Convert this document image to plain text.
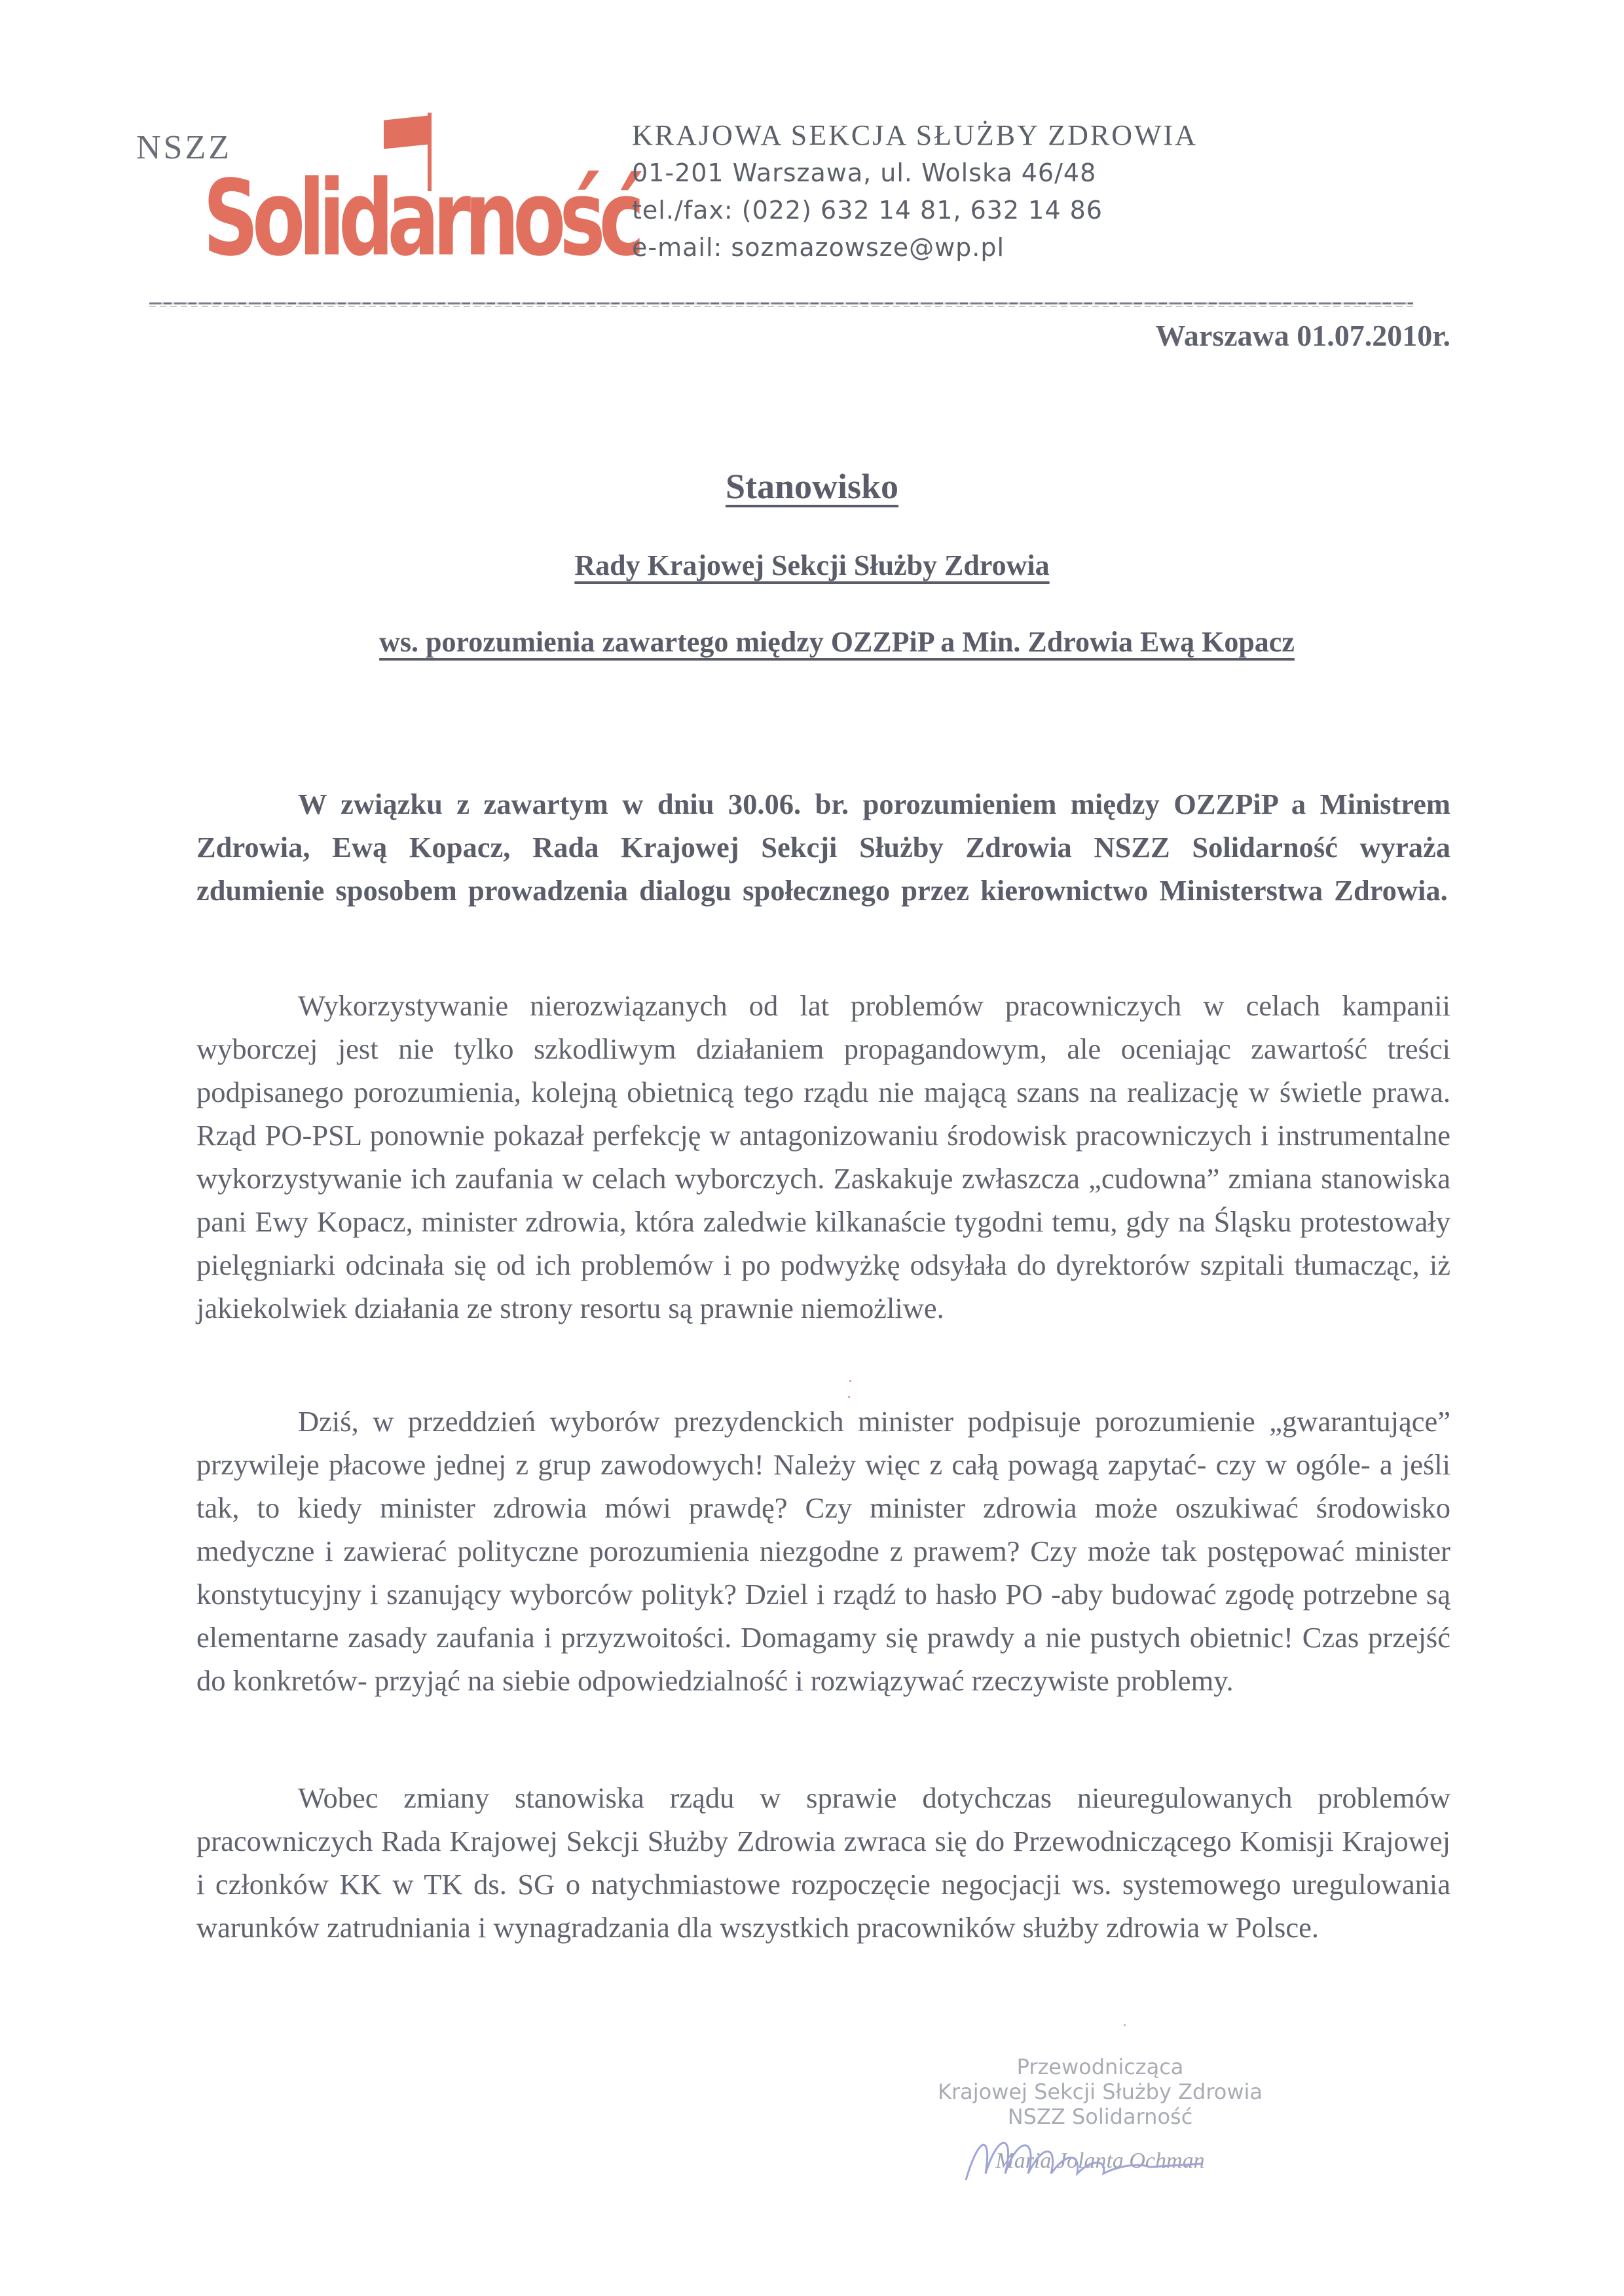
NSZZ
Solidarność
KRAJOWA SEKCJA SŁUŻBY ZDROWIA
01-201 Warszawa, ul. Wolska 46/48
tel./fax: (022) 632 14 81, 632 14 86
e-mail: sozmazowsze@wp.pl
Warszawa 01.07.2010r.
Stanowisko
Rady Krajowej Sekcji Służby Zdrowia
ws. porozumienia zawartego między OZZPiP a Min. Zdrowia Ewą Kopacz

W związku z zawartym w dniu 30.06. br. porozumieniem między OZZPiP a Ministrem Zdrowia, Ewą Kopacz, Rada Krajowej Sekcji Służby Zdrowia NSZZ Solidarność wyraża zdumienie sposobem prowadzenia dialogu społecznego przez kierownictwo Ministerstwa Zdrowia.

Wykorzystywanie nierozwiązanych od lat problemów pracowniczych w celach kampanii wyborczej jest nie tylko szkodliwym działaniem propagandowym, ale oceniając zawartość treści podpisanego porozumienia, kolejną obietnicą tego rządu nie mającą szans na realizację w świetle prawa. Rząd PO-PSL ponownie pokazał perfekcję w antagonizowaniu środowisk pracowniczych i instrumentalne wykorzystywanie ich zaufania w celach wyborczych. Zaskakuje zwłaszcza „cudowna” zmiana stanowiska pani Ewy Kopacz, minister zdrowia, która zaledwie kilkanaście tygodni temu, gdy na Śląsku protestowały pielęgniarki odcinała się od ich problemów i po podwyżkę odsyłała do dyrektorów szpitali tłumacząc, iż jakiekolwiek działania ze strony resortu są prawnie niemożliwe.

Dziś, w przeddzień wyborów prezydenckich minister podpisuje porozumienie „gwarantujące” przywileje płacowe jednej z grup zawodowych! Należy więc z całą powagą zapytać- czy w ogóle- a jeśli tak, to kiedy minister zdrowia mówi prawdę? Czy minister zdrowia może oszukiwać środowisko medyczne i zawierać polityczne porozumienia niezgodne z prawem? Czy może tak postępować minister konstytucyjny i szanujący wyborców polityk? Dziel i rządź to hasło PO -aby budować zgodę potrzebne są elementarne zasady zaufania i przyzwoitości. Domagamy się prawdy a nie pustych obietnic! Czas przejść do konkretów- przyjąć na siebie odpowiedzialność i rozwiązywać rzeczywiste problemy.

Wobec zmiany stanowiska rządu w sprawie dotychczas nieuregulowanych problemów pracowniczych Rada Krajowej Sekcji Służby Zdrowia zwraca się do Przewodniczącego Komisji Krajowej i członków KK w TK ds. SG o natychmiastowe rozpoczęcie negocjacji ws. systemowego uregulowania warunków zatrudniania i wynagradzania dla wszystkich pracowników służby zdrowia w Polsce.

Przewodnicząca
Krajowej Sekcji Służby Zdrowia
NSZZ Solidarność
Maria Jolanta Ochman
